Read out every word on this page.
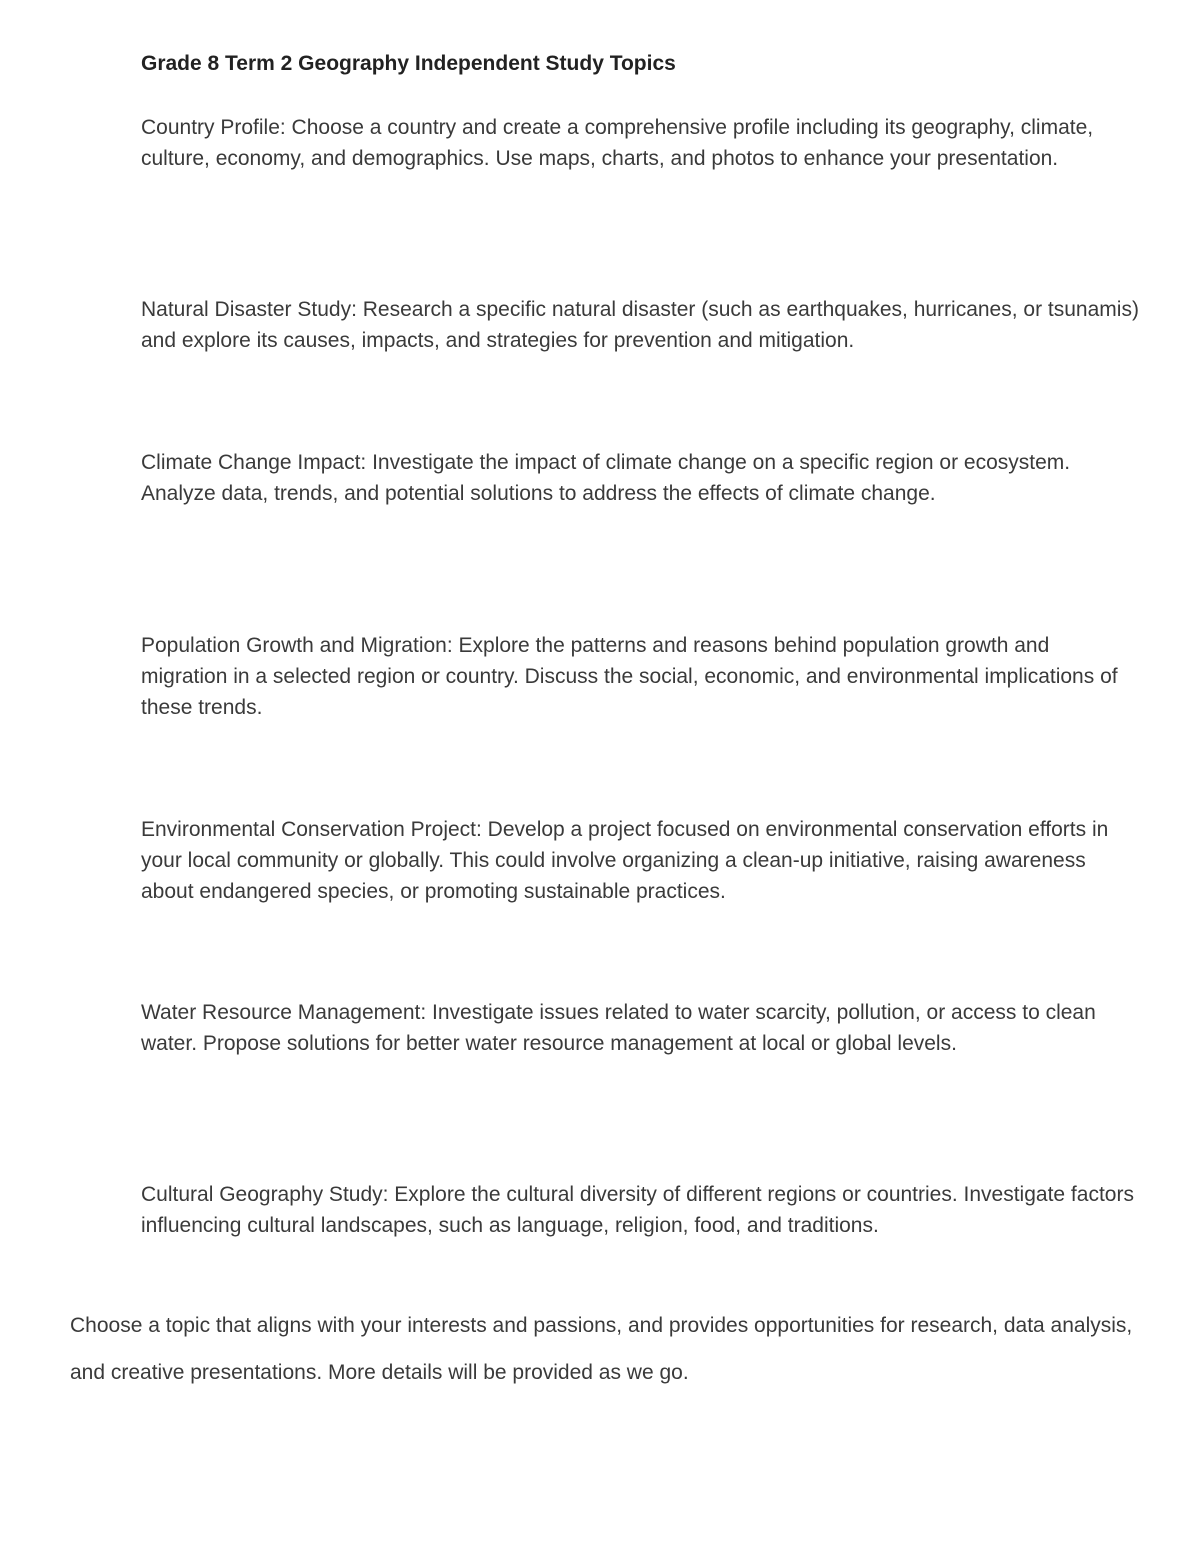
Grade 8 Term 2 Geography Independent Study Topics

Country Profile: Choose a country and create a comprehensive profile including its geography, climate, culture, economy, and demographics. Use maps, charts, and photos to enhance your presentation.

Natural Disaster Study: Research a specific natural disaster (such as earthquakes, hurricanes, or tsunamis) and explore its causes, impacts, and strategies for prevention and mitigation.

Climate Change Impact: Investigate the impact of climate change on a specific region or ecosystem. Analyze data, trends, and potential solutions to address the effects of climate change.

Population Growth and Migration: Explore the patterns and reasons behind population growth and migration in a selected region or country. Discuss the social, economic, and environmental implications of these trends.

Environmental Conservation Project: Develop a project focused on environmental conservation efforts in your local community or globally. This could involve organizing a clean-up initiative, raising awareness about endangered species, or promoting sustainable practices.

Water Resource Management: Investigate issues related to water scarcity, pollution, or access to clean water. Propose solutions for better water resource management at local or global levels.

Cultural Geography Study: Explore the cultural diversity of different regions or countries. Investigate factors influencing cultural landscapes, such as language, religion, food, and traditions.

Choose a topic that aligns with your interests and passions, and provides opportunities for research, data analysis, and creative presentations. More details will be provided as we go.
